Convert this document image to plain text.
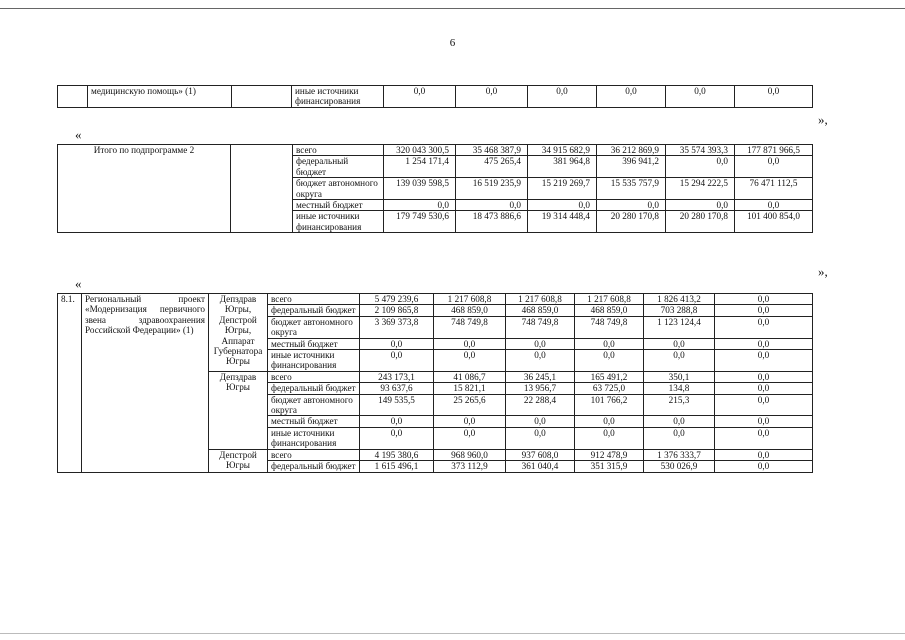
6
	медицинскую помощь» (1)		иные источники финансирования	0,0	0,0	0,0	0,0	0,0	0,0
»,
«
Итого по подпрограмме 2		всего	320 043 300,5	35 468 387,9	34 915 682,9	36 212 869,9	35 574 393,3	177 871 966,5
		федеральный бюджет	1 254 171,4	475 265,4	381 964,8	396 941,2	0,0	0,0
		бюджет автономного округа	139 039 598,5	16 519 235,9	15 219 269,7	15 535 757,9	15 294 222,5	76 471 112,5
		местный бюджет	0,0	0,0	0,0	0,0	0,0	0,0
		иные источники финансирования	179 749 530,6	18 473 886,6	19 314 448,4	20 280 170,8	20 280 170,8	101 400 854,0
»,
«
8.1.	Региональный проект «Модернизация первичного звена здравоохранения Российской Федерации» (1)	Депздрав Югры, Депстрой Югры, Аппарат Губернатора Югры	всего	5 479 239,6	1 217 608,8	1 217 608,8	1 217 608,8	1 826 413,2	0,0
			федеральный бюджет	2 109 865,8	468 859,0	468 859,0	468 859,0	703 288,8	0,0
			бюджет автономного округа	3 369 373,8	748 749,8	748 749,8	748 749,8	1 123 124,4	0,0
			местный бюджет	0,0	0,0	0,0	0,0	0,0	0,0
			иные источники финансирования	0,0	0,0	0,0	0,0	0,0	0,0
		Депздрав Югры	всего	243 173,1	41 086,7	36 245,1	165 491,2	350,1	0,0
			федеральный бюджет	93 637,6	15 821,1	13 956,7	63 725,0	134,8	0,0
			бюджет автономного округа	149 535,5	25 265,6	22 288,4	101 766,2	215,3	0,0
			местный бюджет	0,0	0,0	0,0	0,0	0,0	0,0
			иные источники финансирования	0,0	0,0	0,0	0,0	0,0	0,0
		Депстрой Югры	всего	4 195 380,6	968 960,0	937 608,0	912 478,9	1 376 333,7	0,0
			федеральный бюджет	1 615 496,1	373 112,9	361 040,4	351 315,9	530 026,9	0,0
